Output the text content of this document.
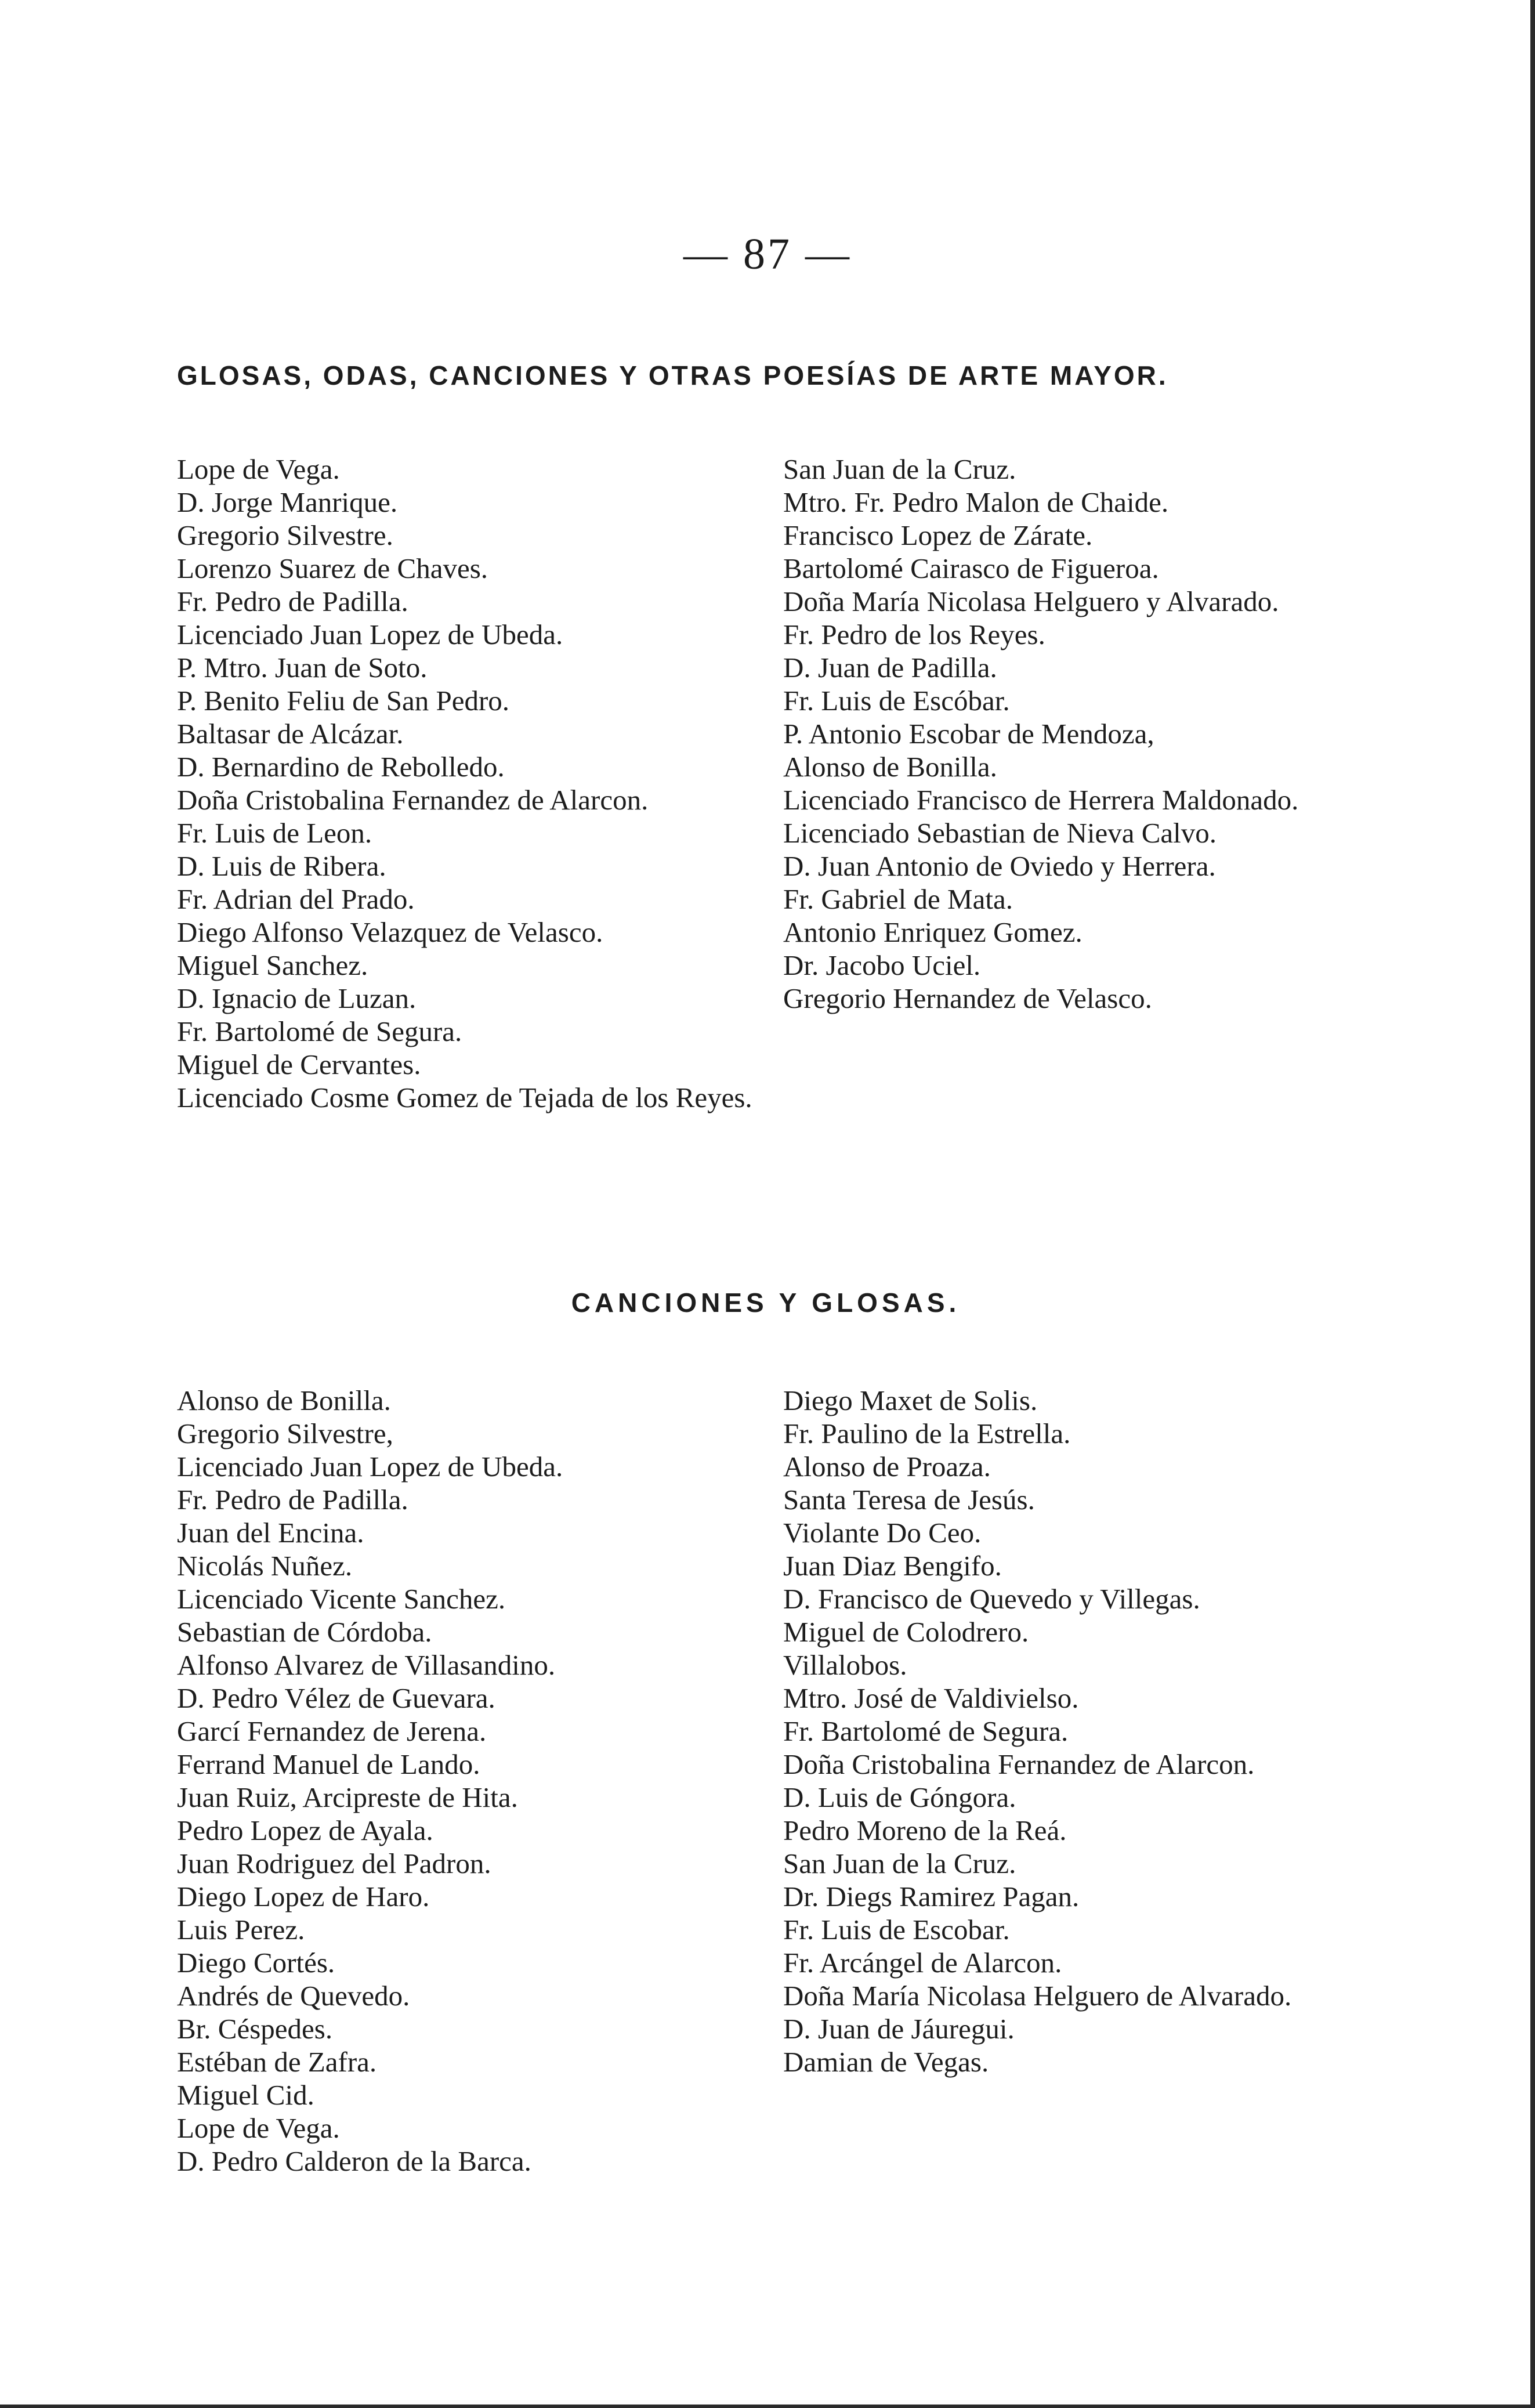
— 87 —
GLOSAS, ODAS, CANCIONES Y OTRAS POESÍAS DE ARTE MAYOR.
Lope de Vega.
D. Jorge Manrique.
Gregorio Silvestre.
Lorenzo Suarez de Chaves.
Fr. Pedro de Padilla.
Licenciado Juan Lopez de Ubeda.
P. Mtro. Juan de Soto.
P. Benito Feliu de San Pedro.
Baltasar de Alcázar.
D. Bernardino de Rebolledo.
Doña Cristobalina Fernandez de Alarcon.
Fr. Luis de Leon.
D. Luis de Ribera.
Fr. Adrian del Prado.
Diego Alfonso Velazquez de Velasco.
Miguel Sanchez.
D. Ignacio de Luzan.
Fr. Bartolomé de Segura.
Miguel de Cervantes.
Licenciado Cosme Gomez de Tejada de los Reyes.
San Juan de la Cruz.
Mtro. Fr. Pedro Malon de Chaide.
Francisco Lopez de Zárate.
Bartolomé Cairasco de Figueroa.
Doña María Nicolasa Helguero y Alvarado.
Fr. Pedro de los Reyes.
D. Juan de Padilla.
Fr. Luis de Escóbar.
P. Antonio Escobar de Mendoza,
Alonso de Bonilla.
Licenciado Francisco de Herrera Maldonado.
Licenciado Sebastian de Nieva Calvo.
D. Juan Antonio de Oviedo y Herrera.
Fr. Gabriel de Mata.
Antonio Enriquez Gomez.
Dr. Jacobo Uciel.
Gregorio Hernandez de Velasco.
CANCIONES Y GLOSAS.
Alonso de Bonilla.
Gregorio Silvestre,
Licenciado Juan Lopez de Ubeda.
Fr. Pedro de Padilla.
Juan del Encina.
Nicolás Nuñez.
Licenciado Vicente Sanchez.
Sebastian de Córdoba.
Alfonso Alvarez de Villasandino.
D. Pedro Vélez de Guevara.
Garcí Fernandez de Jerena.
Ferrand Manuel de Lando.
Juan Ruiz, Arcipreste de Hita.
Pedro Lopez de Ayala.
Juan Rodriguez del Padron.
Diego Lopez de Haro.
Luis Perez.
Diego Cortés.
Andrés de Quevedo.
Br. Céspedes.
Estéban de Zafra.
Miguel Cid.
Lope de Vega.
D. Pedro Calderon de la Barca.
Diego Maxet de Solis.
Fr. Paulino de la Estrella.
Alonso de Proaza.
Santa Teresa de Jesús.
Violante Do Ceo.
Juan Diaz Bengifo.
D. Francisco de Quevedo y Villegas.
Miguel de Colodrero.
Villalobos.
Mtro. José de Valdivielso.
Fr. Bartolomé de Segura.
Doña Cristobalina Fernandez de Alarcon.
D. Luis de Góngora.
Pedro Moreno de la Reá.
San Juan de la Cruz.
Dr. Diegs Ramirez Pagan.
Fr. Luis de Escobar.
Fr. Arcángel de Alarcon.
Doña María Nicolasa Helguero de Alvarado.
D. Juan de Jáuregui.
Damian de Vegas.
